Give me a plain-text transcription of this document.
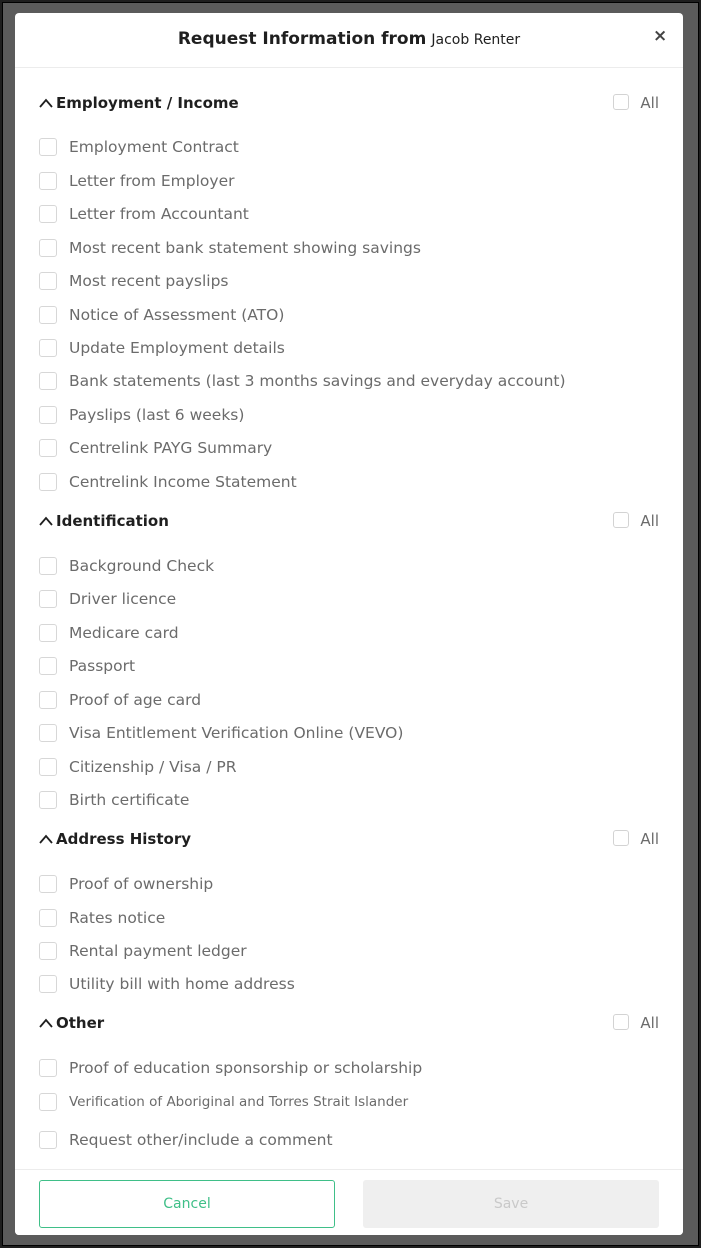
Request Information from Jacob Renter	×
Employment / Income	All
Employment Contract
Letter from Employer
Letter from Accountant
Most recent bank statement showing savings
Most recent payslips
Notice of Assessment (ATO)
Update Employment details
Bank statements (last 3 months savings and everyday account)
Payslips (last 6 weeks)
Centrelink PAYG Summary
Centrelink Income Statement
Identification	All
Background Check
Driver licence
Medicare card
Passport
Proof of age card
Visa Entitlement Verification Online (VEVO)
Citizenship / Visa / PR
Birth certificate
Address History	All
Proof of ownership
Rates notice
Rental payment ledger
Utility bill with home address
Other	All
Proof of education sponsorship or scholarship
Verification of Aboriginal and Torres Strait Islander
Request other/include a comment
Cancel	Save
